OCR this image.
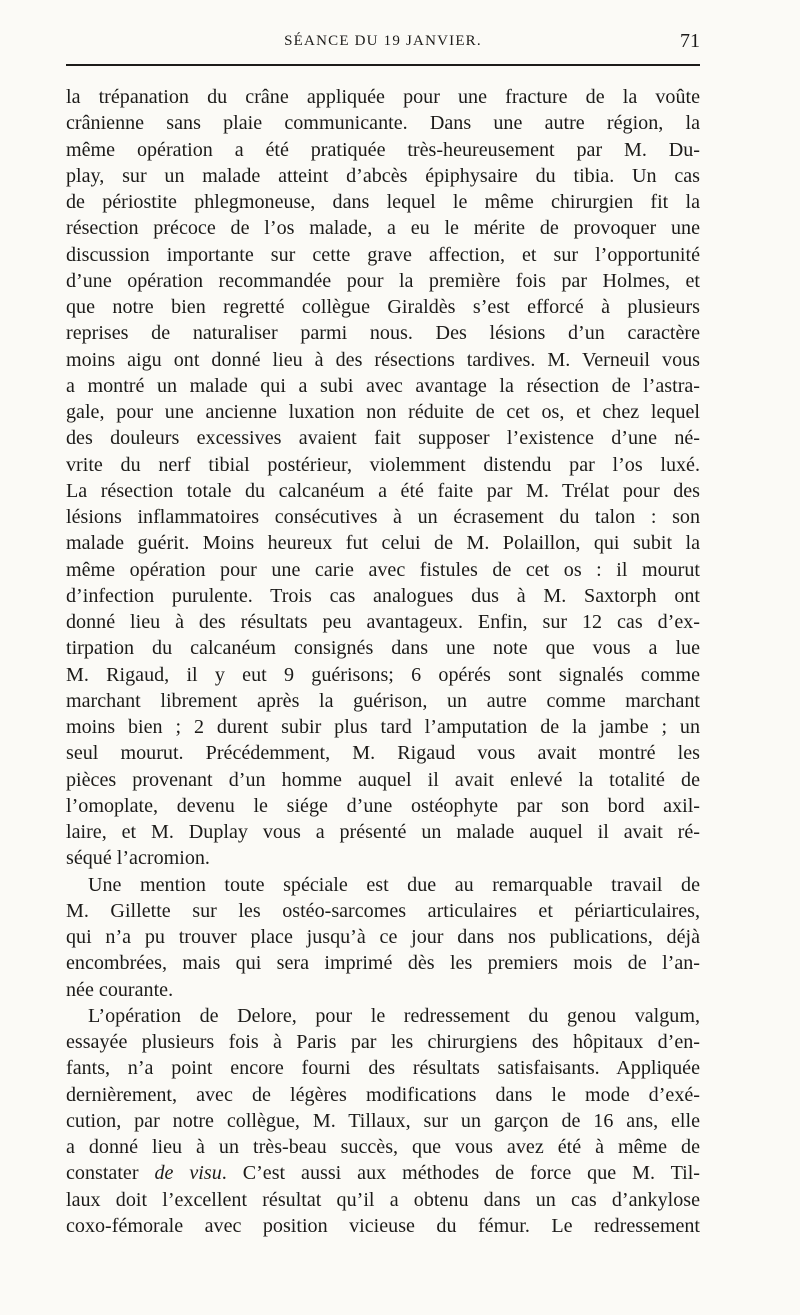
SÉANCE DU 19 JANVIER.	71
la trépanation du crâne appliquée pour une fracture de la voûte
crânienne sans plaie communicante. Dans une autre région, la
même opération a été pratiquée très-heureusement par M. Du-
play, sur un malade atteint d’abcès épiphysaire du tibia. Un cas
de périostite phlegmoneuse, dans lequel le même chirurgien fit la
résection précoce de l’os malade, a eu le mérite de provoquer une
discussion importante sur cette grave affection, et sur l’opportunité
d’une opération recommandée pour la première fois par Holmes, et
que notre bien regretté collègue Giraldès s’est efforcé à plusieurs
reprises de naturaliser parmi nous. Des lésions d’un caractère
moins aigu ont donné lieu à des résections tardives. M. Verneuil vous
a montré un malade qui a subi avec avantage la résection de l’astra-
gale, pour une ancienne luxation non réduite de cet os, et chez lequel
des douleurs excessives avaient fait supposer l’existence d’une né-
vrite du nerf tibial postérieur, violemment distendu par l’os luxé.
La résection totale du calcanéum a été faite par M. Trélat pour des
lésions inflammatoires consécutives à un écrasement du talon : son
malade guérit. Moins heureux fut celui de M. Polaillon, qui subit la
même opération pour une carie avec fistules de cet os : il mourut
d’infection purulente. Trois cas analogues dus à M. Saxtorph ont
donné lieu à des résultats peu avantageux. Enfin, sur 12 cas d’ex-
tirpation du calcanéum consignés dans une note que vous a lue
M. Rigaud, il y eut 9 guérisons; 6 opérés sont signalés comme
marchant librement après la guérison, un autre comme marchant
moins bien ; 2 durent subir plus tard l’amputation de la jambe ; un
seul mourut. Précédemment, M. Rigaud vous avait montré les
pièces provenant d’un homme auquel il avait enlevé la totalité de
l’omoplate, devenu le siége d’une ostéophyte par son bord axil-
laire, et M. Duplay vous a présenté un malade auquel il avait ré-
séqué l’acromion.
Une mention toute spéciale est due au remarquable travail de
M. Gillette sur les ostéo-sarcomes articulaires et périarticulaires,
qui n’a pu trouver place jusqu’à ce jour dans nos publications, déjà
encombrées, mais qui sera imprimé dès les premiers mois de l’an-
née courante.
L’opération de Delore, pour le redressement du genou valgum,
essayée plusieurs fois à Paris par les chirurgiens des hôpitaux d’en-
fants, n’a point encore fourni des résultats satisfaisants. Appliquée
dernièrement, avec de légères modifications dans le mode d’exé-
cution, par notre collègue, M. Tillaux, sur un garçon de 16 ans, elle
a donné lieu à un très-beau succès, que vous avez été à même de
constater de visu. C’est aussi aux méthodes de force que M. Til-
laux doit l’excellent résultat qu’il a obtenu dans un cas d’ankylose
coxo-fémorale avec position vicieuse du fémur. Le redressement
